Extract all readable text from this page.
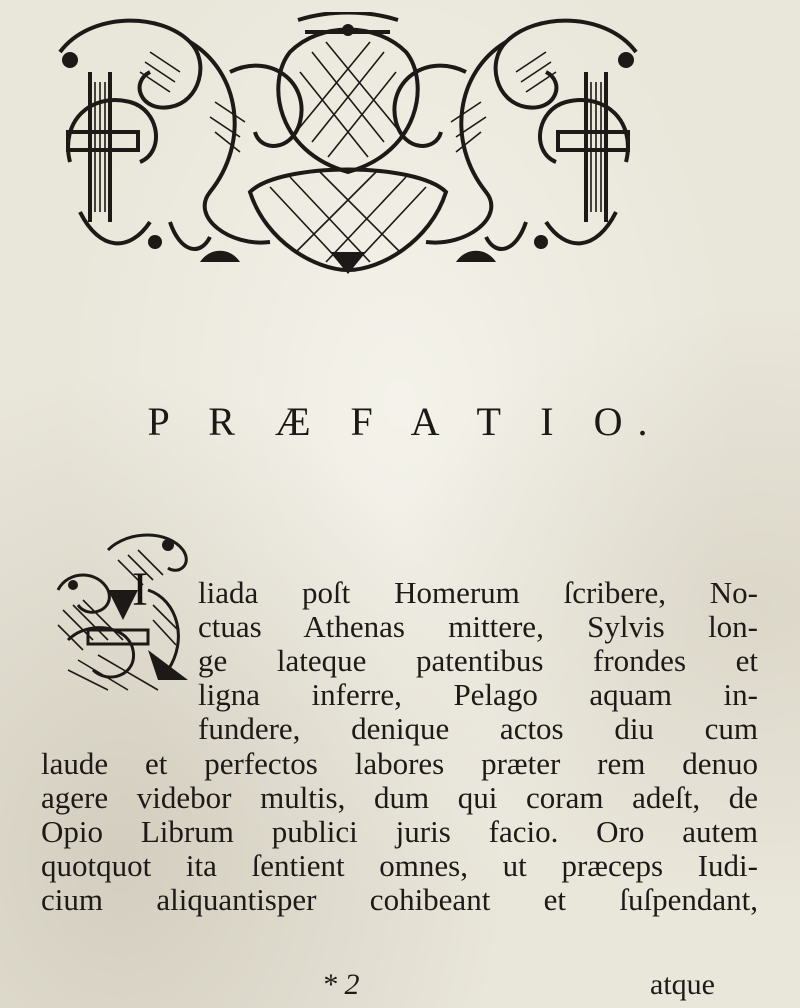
P R Æ F A T I O.
I liada poſt Homerum ſcribere, No-
ctuas Athenas mittere, Sylvis lon-
ge lateque patentibus frondes et
ligna inferre, Pelago aquam in-
fundere, denique actos diu cum
laude et perfectos labores præter rem denuo
agere videbor multis, dum qui coram adeſt, de
Opio Librum publici juris facio. Oro autem
quotquot ita ſentient omnes, ut præceps Iudi-
cium aliquantisper cohibeant et ſuſpendant,
* 2	atque
